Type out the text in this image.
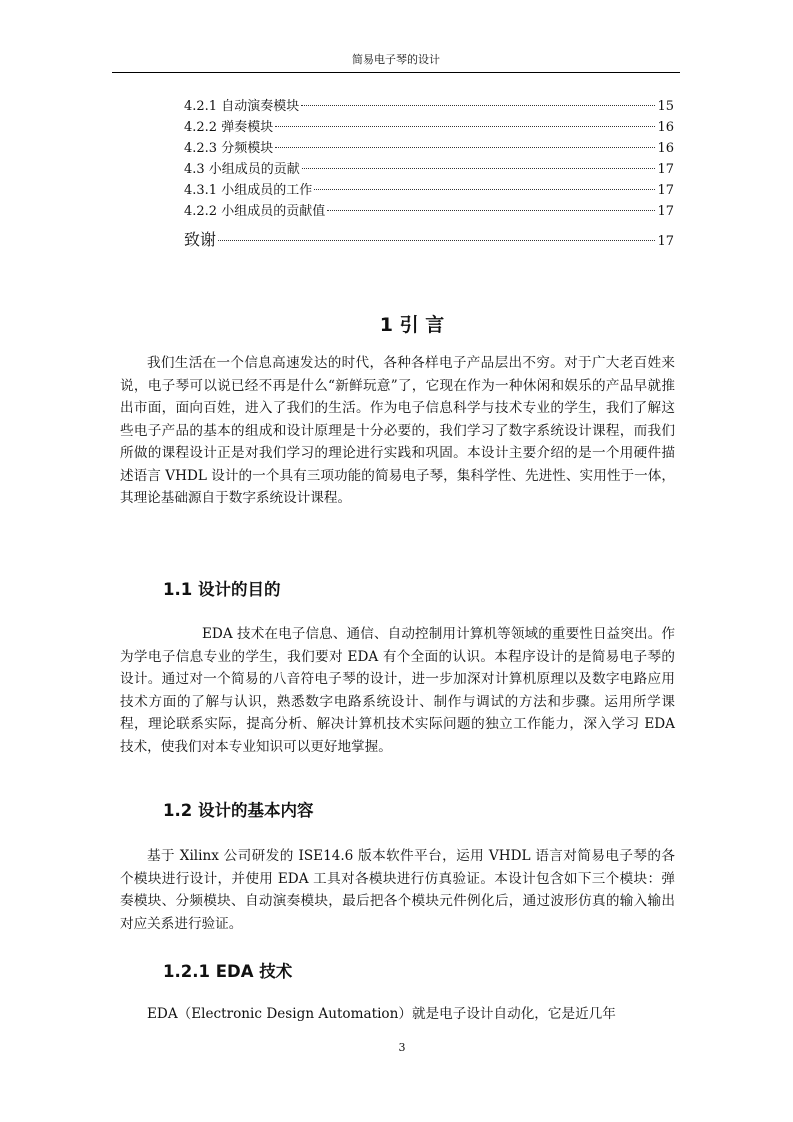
简易电子琴的设计
4.2.1 自动演奏模块	15
4.2.2 弹奏模块	16
4.2.3 分频模块	16
4.3 小组成员的贡献	17
4.3.1 小组成员的工作	17
4.2.2 小组成员的贡献值	17
致谢	17
1 引 言

我们生活在一个信息高速发达的时代，各种各样电子产品层出不穷。对于广大老百姓来说，电子琴可以说已经不再是什么“新鲜玩意”了，它现在作为一种休闲和娱乐的产品早就推出市面，面向百姓，进入了我们的生活。作为电子信息科学与技术专业的学生，我们了解这些电子产品的基本的组成和设计原理是十分必要的，我们学习了数字系统设计课程，而我们所做的课程设计正是对我们学习的理论进行实践和巩固。本设计主要介绍的是一个用硬件描述语言 VHDL 设计的一个具有三项功能的简易电子琴，集科学性、先进性、实用性于一体，其理论基础源自于数字系统设计课程。

1.1 设计的目的

EDA 技术在电子信息、通信、自动控制用计算机等领域的重要性日益突出。作为学电子信息专业的学生，我们要对 EDA 有个全面的认识。本程序设计的是简易电子琴的设计。通过对一个简易的八音符电子琴的设计，进一步加深对计算机原理以及数字电路应用技术方面的了解与认识，熟悉数字电路系统设计、制作与调试的方法和步骤。运用所学课程，理论联系实际，提高分析、解决计算机技术实际问题的独立工作能力，深入学习 EDA 技术，使我们对本专业知识可以更好地掌握。

1.2 设计的基本内容

基于 Xilinx 公司研发的 ISE14.6 版本软件平台，运用 VHDL 语言对简易电子琴的各个模块进行设计，并使用 EDA 工具对各模块进行仿真验证。本设计包含如下三个模块：弹奏模块、分频模块、自动演奏模块，最后把各个模块元件例化后，通过波形仿真的输入输出对应关系进行验证。

1.2.1 EDA 技术

EDA（Electronic Design Automation）就是电子设计自动化，它是近几年

3
